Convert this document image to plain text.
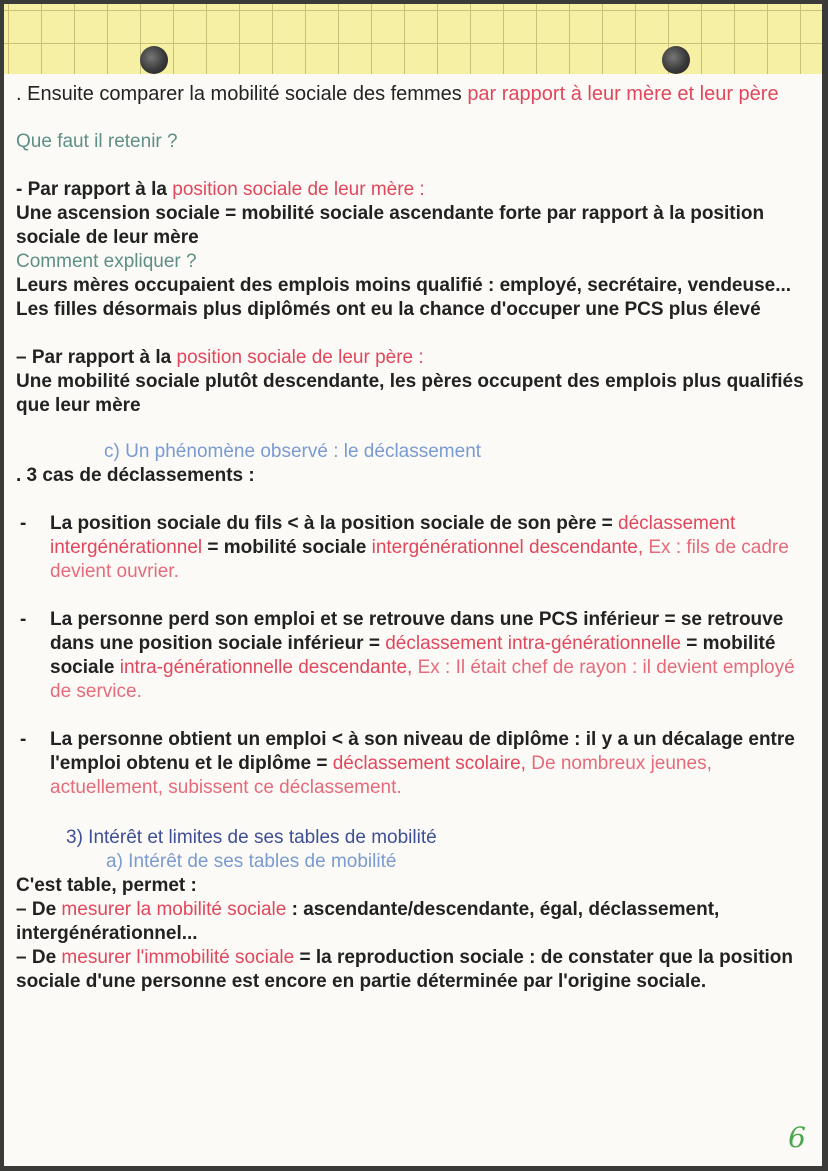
. Ensuite comparer la mobilité sociale des femmes par rapport à leur mère et leur père
Que faut il retenir ?
- Par rapport à la position sociale de leur mère :
Une ascension sociale = mobilité sociale ascendante forte par rapport à la position sociale de leur mère
Comment expliquer ?
Leurs mères occupaient des emplois moins qualifié : employé, secrétaire, vendeuse... Les filles désormais plus diplômés ont eu la chance d'occuper une PCS plus élevé
– Par rapport à la position sociale de leur père :
Une mobilité sociale plutôt descendante, les pères occupent des emplois plus qualifiés que leur mère
c) Un phénomène observé : le déclassement
. 3 cas de déclassements :
- La position sociale du fils < à la position sociale de son père = déclassement intergénérationnel = mobilité sociale intergénérationnel descendante, Ex : fils de cadre devient ouvrier.
- La personne perd son emploi et se retrouve dans une PCS inférieur = se retrouve dans une position sociale inférieur = déclassement intra-générationnelle = mobilité sociale intra-générationnelle descendante, Ex : Il était chef de rayon : il devient employé de service.
- La personne obtient un emploi < à son niveau de diplôme : il y a un décalage entre l'emploi obtenu et le diplôme = déclassement scolaire, De nombreux jeunes, actuellement, subissent ce déclassement.
3) Intérêt et limites de ses tables de mobilité
a) Intérêt de ses tables de mobilité
C'est table, permet :
– De mesurer la mobilité sociale : ascendante/descendante, égal, déclassement, intergénérationnel...
– De mesurer l'immobilité sociale = la reproduction sociale : de constater que la position sociale d'une personne est encore en partie déterminée par l'origine sociale.
6
